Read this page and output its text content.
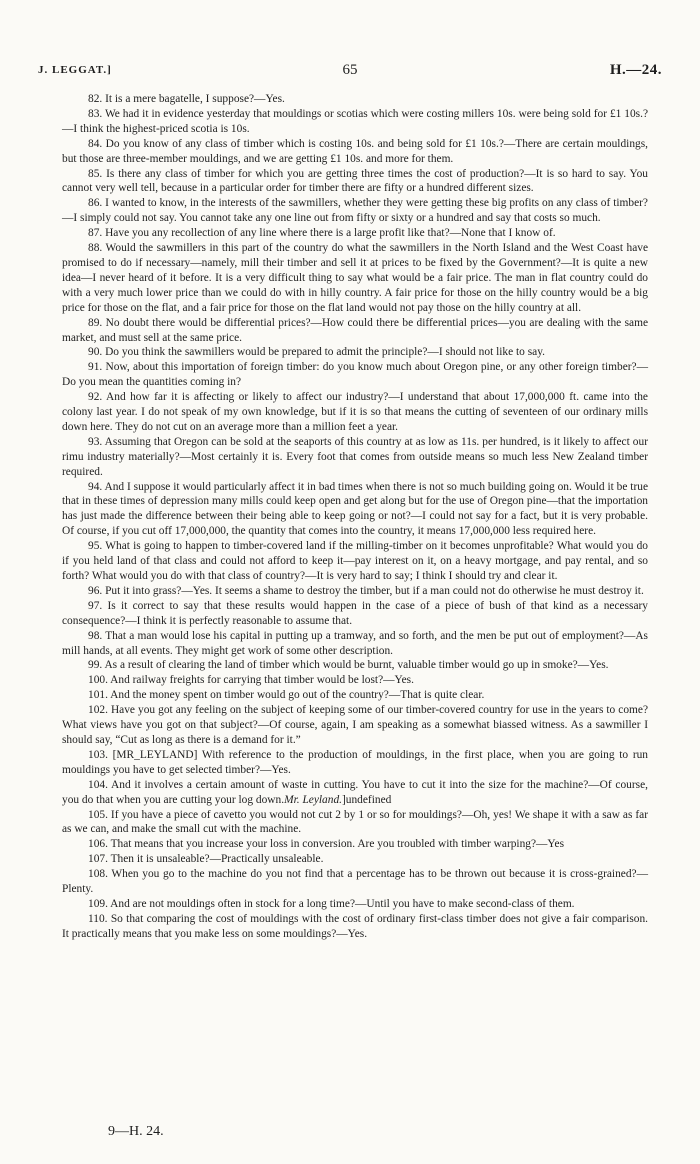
J. LEGGAT.]	65	H.—24.

82. It is a mere bagatelle, I suppose?—Yes.

83. We had it in evidence yesterday that mouldings or scotias which were costing millers 10s. were being sold for £1 10s.?—I think the highest-priced scotia is 10s.

84. Do you know of any class of timber which is costing 10s. and being sold for £1 10s.?—There are certain mouldings, but those are three-member mouldings, and we are getting £1 10s. and more for them.

85. Is there any class of timber for which you are getting three times the cost of production?—It is so hard to say. You cannot very well tell, because in a particular order for timber there are fifty or a hundred different sizes.

86. I wanted to know, in the interests of the sawmillers, whether they were getting these big profits on any class of timber?—I simply could not say. You cannot take any one line out from fifty or sixty or a hundred and say that costs so much.

87. Have you any recollection of any line where there is a large profit like that?—None that I know of.

88. Would the sawmillers in this part of the country do what the sawmillers in the North Island and the West Coast have promised to do if necessary—namely, mill their timber and sell it at prices to be fixed by the Government?—It is quite a new idea—I never heard of it before. It is a very difficult thing to say what would be a fair price. The man in flat country could do with a very much lower price than we could do with in hilly country. A fair price for those on the hilly country would be a big price for those on the flat, and a fair price for those on the flat land would not pay those on the hilly country at all.

89. No doubt there would be differential prices?—How could there be differential prices—you are dealing with the same market, and must sell at the same price.

90. Do you think the sawmillers would be prepared to admit the principle?—I should not like to say.

91. Now, about this importation of foreign timber: do you know much about Oregon pine, or any other foreign timber?—Do you mean the quantities coming in?

92. And how far it is affecting or likely to affect our industry?—I understand that about 17,000,000 ft. came into the colony last year. I do not speak of my own knowledge, but if it is so that means the cutting of seventeen of our ordinary mills down here. They do not cut on an average more than a million feet a year.

93. Assuming that Oregon can be sold at the seaports of this country at as low as 11s. per hundred, is it likely to affect our rimu industry materially?—Most certainly it is. Every foot that comes from outside means so much less New Zealand timber required.

94. And I suppose it would particularly affect it in bad times when there is not so much building going on. Would it be true that in these times of depression many mills could keep open and get along but for the use of Oregon pine—that the importation has just made the difference between their being able to keep going or not?—I could not say for a fact, but it is very probable. Of course, if you cut off 17,000,000, the quantity that comes into the country, it means 17,000,000 less required here.

95. What is going to happen to timber-covered land if the milling-timber on it becomes unprofitable? What would you do if you held land of that class and could not afford to keep it—pay interest on it, on a heavy mortgage, and pay rental, and so forth? What would you do with that class of country?—It is very hard to say; I think I should try and clear it.

96. Put it into grass?—Yes. It seems a shame to destroy the timber, but if a man could not do otherwise he must destroy it.

97. Is it correct to say that these results would happen in the case of a piece of bush of that kind as a necessary consequence?—I think it is perfectly reasonable to assume that.

98. That a man would lose his capital in putting up a tramway, and so forth, and the men be put out of employment?—As mill hands, at all events. They might get work of some other description.

99. As a result of clearing the land of timber which would be burnt, valuable timber would go up in smoke?—Yes.

100. And railway freights for carrying that timber would be lost?—Yes.

101. And the money spent on timber would go out of the country?—That is quite clear.

102. Have you got any feeling on the subject of keeping some of our timber-covered country for use in the years to come? What views have you got on that subject?—Of course, again, I am speaking as a somewhat biassed witness. As a sawmiller I should say, “Cut as long as there is a demand for it.”

103. [MR_LEYLAND] With reference to the production of mouldings, in the first place, when you are going to run mouldings you have to get selected timber?—Yes.

104. And it involves a certain amount of waste in cutting. You have to cut it into the size for the machine?—Of course, you do that when you are cutting your log down.Mr. Leyland.]undefined

105. If you have a piece of cavetto you would not cut 2 by 1 or so for mouldings?—Oh, yes! We shape it with a saw as far as we can, and make the small cut with the machine.

106. That means that you increase your loss in conversion. Are you troubled with timber warping?—Yes

107. Then it is unsaleable?—Practically unsaleable.

108. When you go to the machine do you not find that a percentage has to be thrown out because it is cross-grained?—Plenty.

109. And are not mouldings often in stock for a long time?—Until you have to make second-class of them.

110. So that comparing the cost of mouldings with the cost of ordinary first-class timber does not give a fair comparison. It practically means that you make less on some mouldings?—Yes.

9—H. 24.
